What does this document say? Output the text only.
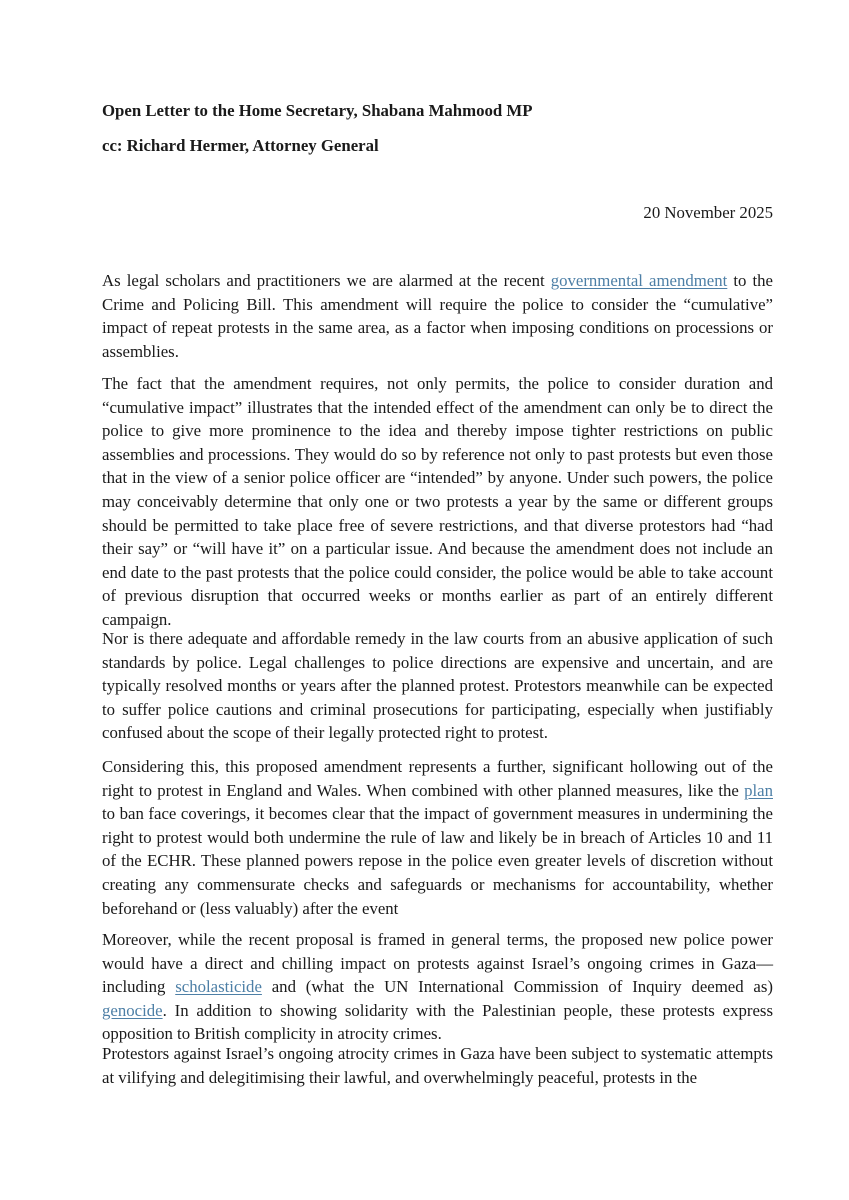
Open Letter to the Home Secretary, Shabana Mahmood MP
cc: Richard Hermer, Attorney General
20 November 2025

As legal scholars and practitioners we are alarmed at the recent governmental amendment to the Crime and Policing Bill. This amendment will require the police to consider the “cumulative” impact of repeat protests in the same area, as a factor when imposing conditions on processions or assemblies.

The fact that the amendment requires, not only permits, the police to consider duration and “cumulative impact” illustrates that the intended effect of the amendment can only be to direct the police to give more prominence to the idea and thereby impose tighter restrictions on public assemblies and processions. They would do so by reference not only to past protests but even those that in the view of a senior police officer are “intended” by anyone. Under such powers, the police may conceivably determine that only one or two protests a year by the same or different groups should be permitted to take place free of severe restrictions, and that diverse protestors had “had their say” or “will have it” on a particular issue. And because the amendment does not include an end date to the past protests that the police could consider, the police would be able to take account of previous disruption that occurred weeks or months earlier as part of an entirely different campaign.

Nor is there adequate and affordable remedy in the law courts from an abusive application of such standards by police. Legal challenges to police directions are expensive and uncertain, and are typically resolved months or years after the planned protest. Protestors meanwhile can be expected to suffer police cautions and criminal prosecutions for participating, especially when justifiably confused about the scope of their legally protected right to protest.

Considering this, this proposed amendment represents a further, significant hollowing out of the right to protest in England and Wales. When combined with other planned measures, like the plan to ban face coverings, it becomes clear that the impact of government measures in undermining the right to protest would both undermine the rule of law and likely be in breach of Articles 10 and 11 of the ECHR. These planned powers repose in the police even greater levels of discretion without creating any commensurate checks and safeguards or mechanisms for accountability, whether beforehand or (less valuably) after the event

Moreover, while the recent proposal is framed in general terms, the proposed new police power would have a direct and chilling impact on protests against Israel’s ongoing crimes in Gaza—including scholasticide and (what the UN International Commission of Inquiry deemed as) genocide. In addition to showing solidarity with the Palestinian people, these protests express opposition to British complicity in atrocity crimes.

Protestors against Israel’s ongoing atrocity crimes in Gaza have been subject to systematic attempts at vilifying and delegitimising their lawful, and overwhelmingly peaceful, protests in the
